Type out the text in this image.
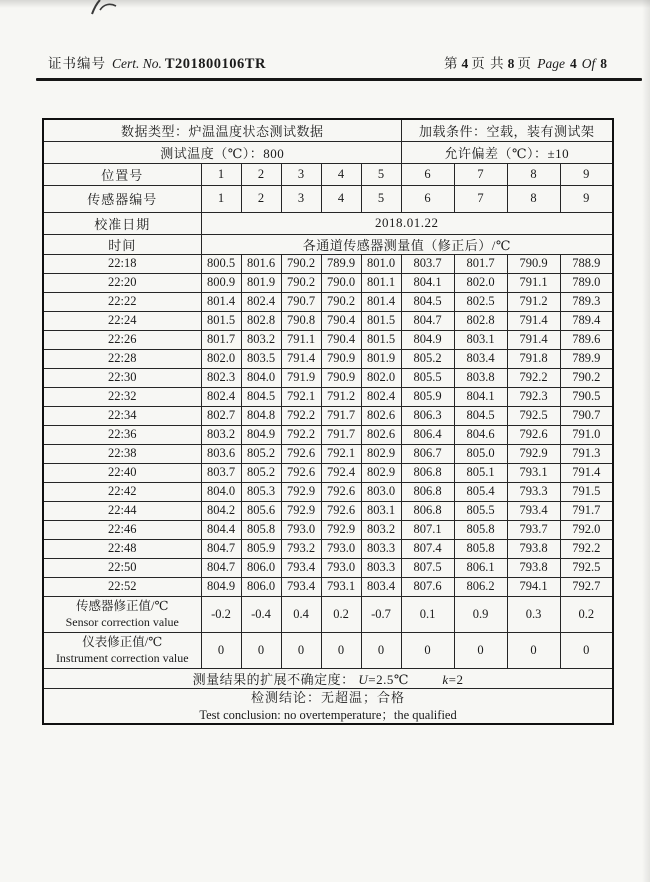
证书编号 Cert. No. T201800106TR	第 4 页 共 8 页 Page 4 Of 8
数据类型：炉温温度状态测试数据						加载条件：空载，装有测试架			
测试温度（℃）：800						允许偏差（℃）：±10			
位置号	1	2	3	4	5	6	7	8	9
传感器编号	1	2	3	4	5	6	7	8	9
校准日期	2018.01.22								
时间	各通道传感器测量值（修正后）/℃								
22:18	800.5	801.6	790.2	789.9	801.0	803.7	801.7	790.9	788.9
22:20	800.9	801.9	790.2	790.0	801.1	804.1	802.0	791.1	789.0
22:22	801.4	802.4	790.7	790.2	801.4	804.5	802.5	791.2	789.3
22:24	801.5	802.8	790.8	790.4	801.5	804.7	802.8	791.4	789.4
22:26	801.7	803.2	791.1	790.4	801.5	804.9	803.1	791.4	789.6
22:28	802.0	803.5	791.4	790.9	801.9	805.2	803.4	791.8	789.9
22:30	802.3	804.0	791.9	790.9	802.0	805.5	803.8	792.2	790.2
22:32	802.4	804.5	792.1	791.2	802.4	805.9	804.1	792.3	790.5
22:34	802.7	804.8	792.2	791.7	802.6	806.3	804.5	792.5	790.7
22:36	803.2	804.9	792.2	791.7	802.6	806.4	804.6	792.6	791.0
22:38	803.6	805.2	792.6	792.1	802.9	806.7	805.0	792.9	791.3
22:40	803.7	805.2	792.6	792.4	802.9	806.8	805.1	793.1	791.4
22:42	804.0	805.3	792.9	792.6	803.0	806.8	805.4	793.3	791.5
22:44	804.2	805.6	792.9	792.6	803.1	806.8	805.5	793.4	791.7
22:46	804.4	805.8	793.0	792.9	803.2	807.1	805.8	793.7	792.0
22:48	804.7	805.9	793.2	793.0	803.3	807.4	805.8	793.8	792.2
22:50	804.7	806.0	793.4	793.0	803.3	807.5	806.1	793.8	792.5
22:52	804.9	806.0	793.4	793.1	803.4	807.6	806.2	794.1	792.7
传感器修正值/℃
Sensor correction value	-0.2	-0.4	0.4	0.2	-0.7	0.1	0.9	0.3	0.2
仪表修正值/℃
Instrument correction value	0	0	0	0	0	0	0	0	0
测量结果的扩展不确定度： U=2.5℃ k=2									

检测结论：无超温；合格
Test conclusion: no overtemperature；the qualified									
